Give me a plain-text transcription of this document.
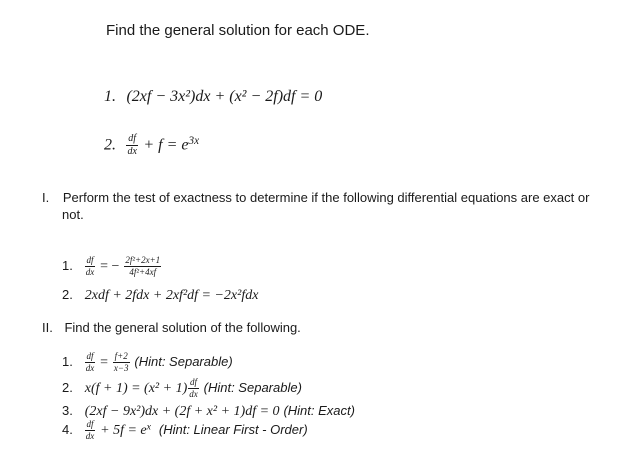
Find the general solution for each ODE.
1. (2xf − 3x²)dx + (x² − 2f)df = 0
2. $\frac{df}{dx} + f = e^{3x}$
I. Perform the test of exactness to determine if the following differential equations are exact or
not.
1. $\frac{df}{dx}$ = − $\frac{\text{2f²+2x+1}}{\text{4f²+4xf}}$
2. 2xdf + 2fdx + 2xf²df = −2x²fdx
II. Find the general solution of the following.
1. $\frac{df}{dx} = \frac{f+2}{x-3}$ (Hint: Separable)
2. $x(f + 1) = (x^2 + 1) \frac{df}{dx}$ (Hint: Separable)
3. (2xf − 9x²)dx + (2f + x² + 1)df = 0 (Hint: Exact)
4. $\frac{df}{dx} + 5f = e^x$ (Hint: Linear First - Order)
